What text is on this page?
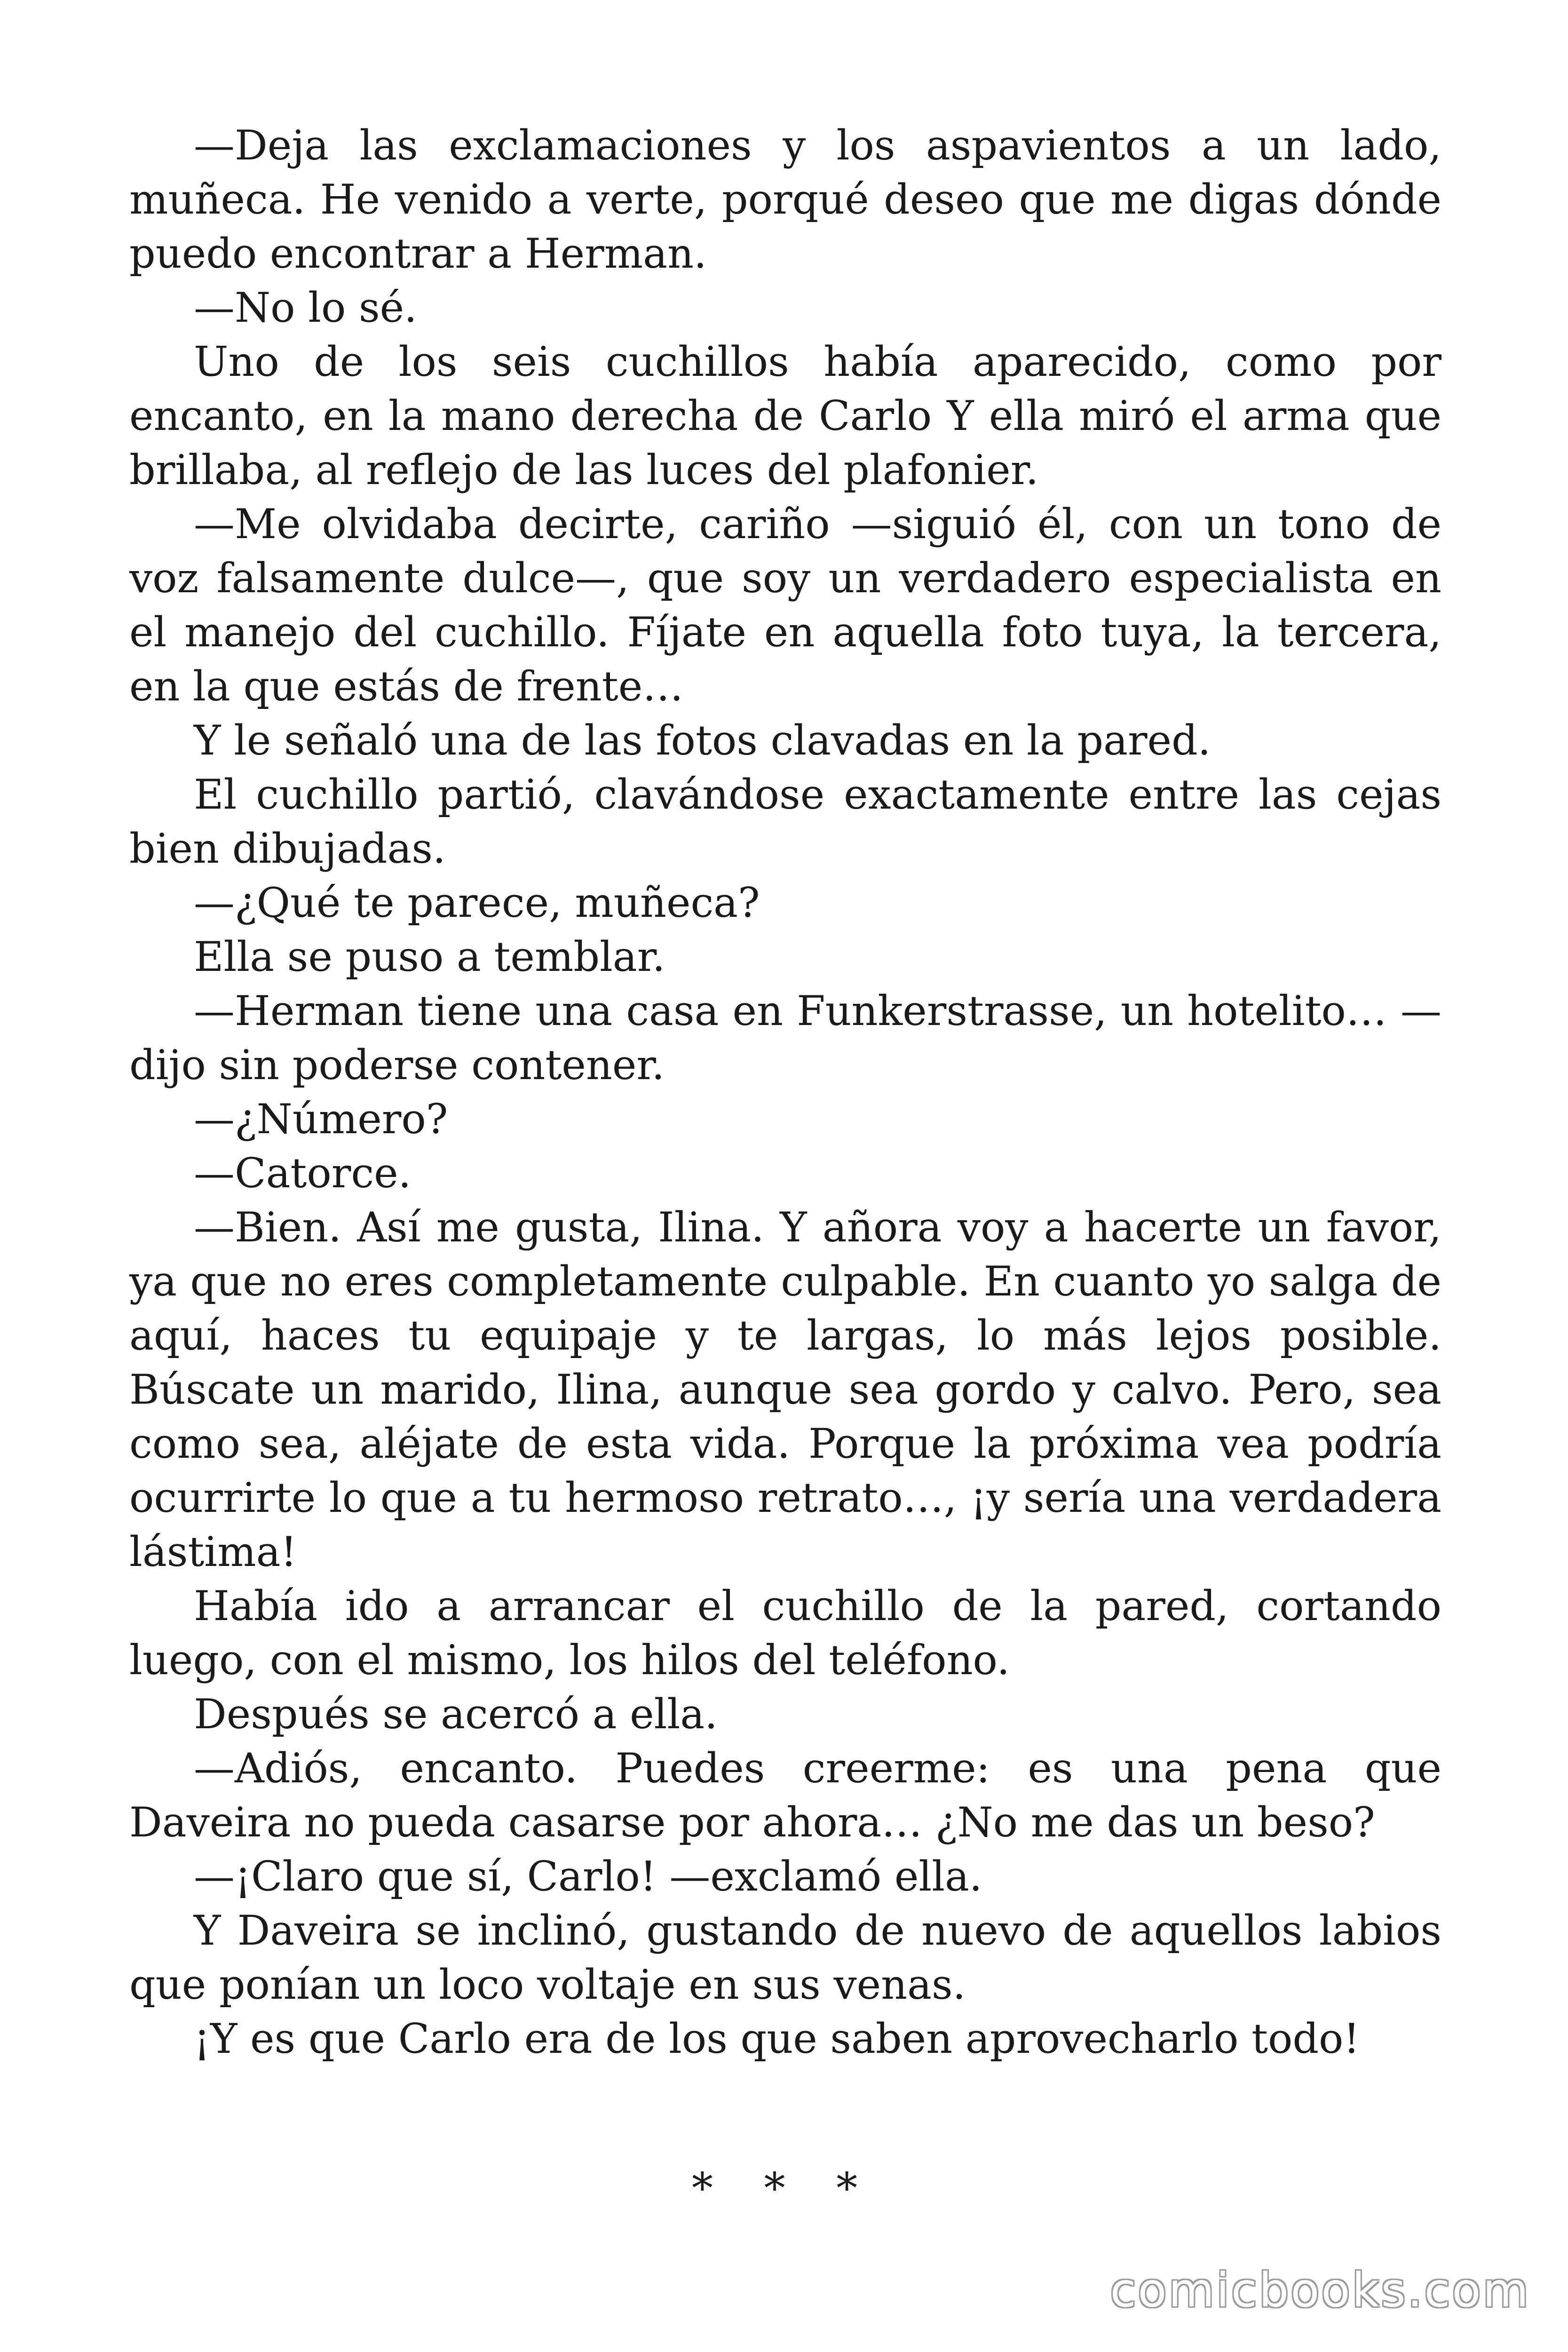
—Deja las exclamaciones y los aspavientos a un lado, muñeca. He venido a verte, porqué deseo que me digas dónde puedo encontrar a Herman.

—No lo sé.

Uno de los seis cuchillos había aparecido, como por encanto, en la mano derecha de Carlo Y ella miró el arma que brillaba, al reflejo de las luces del plafonier.

—Me olvidaba decirte, cariño —siguió él, con un tono de voz falsamente dulce—, que soy un verdadero especialista en el manejo del cuchillo. Fíjate en aquella foto tuya, la tercera, en la que estás de frente…

Y le señaló una de las fotos clavadas en la pared.

El cuchillo partió, clavándose exactamente entre las cejas bien dibujadas.

—¿Qué te parece, muñeca?

Ella se puso a temblar.

—Herman tiene una casa en Funkerstrasse, un hotelito… —dijo sin poderse contener.

—¿Número?

—Catorce.

—Bien. Así me gusta, Ilina. Y añora voy a hacerte un favor, ya que no eres completamente culpable. En cuanto yo salga de aquí, haces tu equipaje y te largas, lo más lejos posible. Búscate un marido, Ilina, aunque sea gordo y calvo. Pero, sea como sea, aléjate de esta vida. Porque la próxima vea podría ocurrirte lo que a tu hermoso retrato…, ¡y sería una verdadera lástima!

Había ido a arrancar el cuchillo de la pared, cortando luego, con el mismo, los hilos del teléfono.

Después se acercó a ella.

—Adiós, encanto. Puedes creerme: es una pena que Daveira no pueda casarse por ahora… ¿No me das un beso?

—¡Claro que sí, Carlo! —exclamó ella.

Y Daveira se inclinó, gustando de nuevo de aquellos labios que ponían un loco voltaje en sus venas.

¡Y es que Carlo era de los que saben aprovecharlo todo!

* * *
comicbooks.com
